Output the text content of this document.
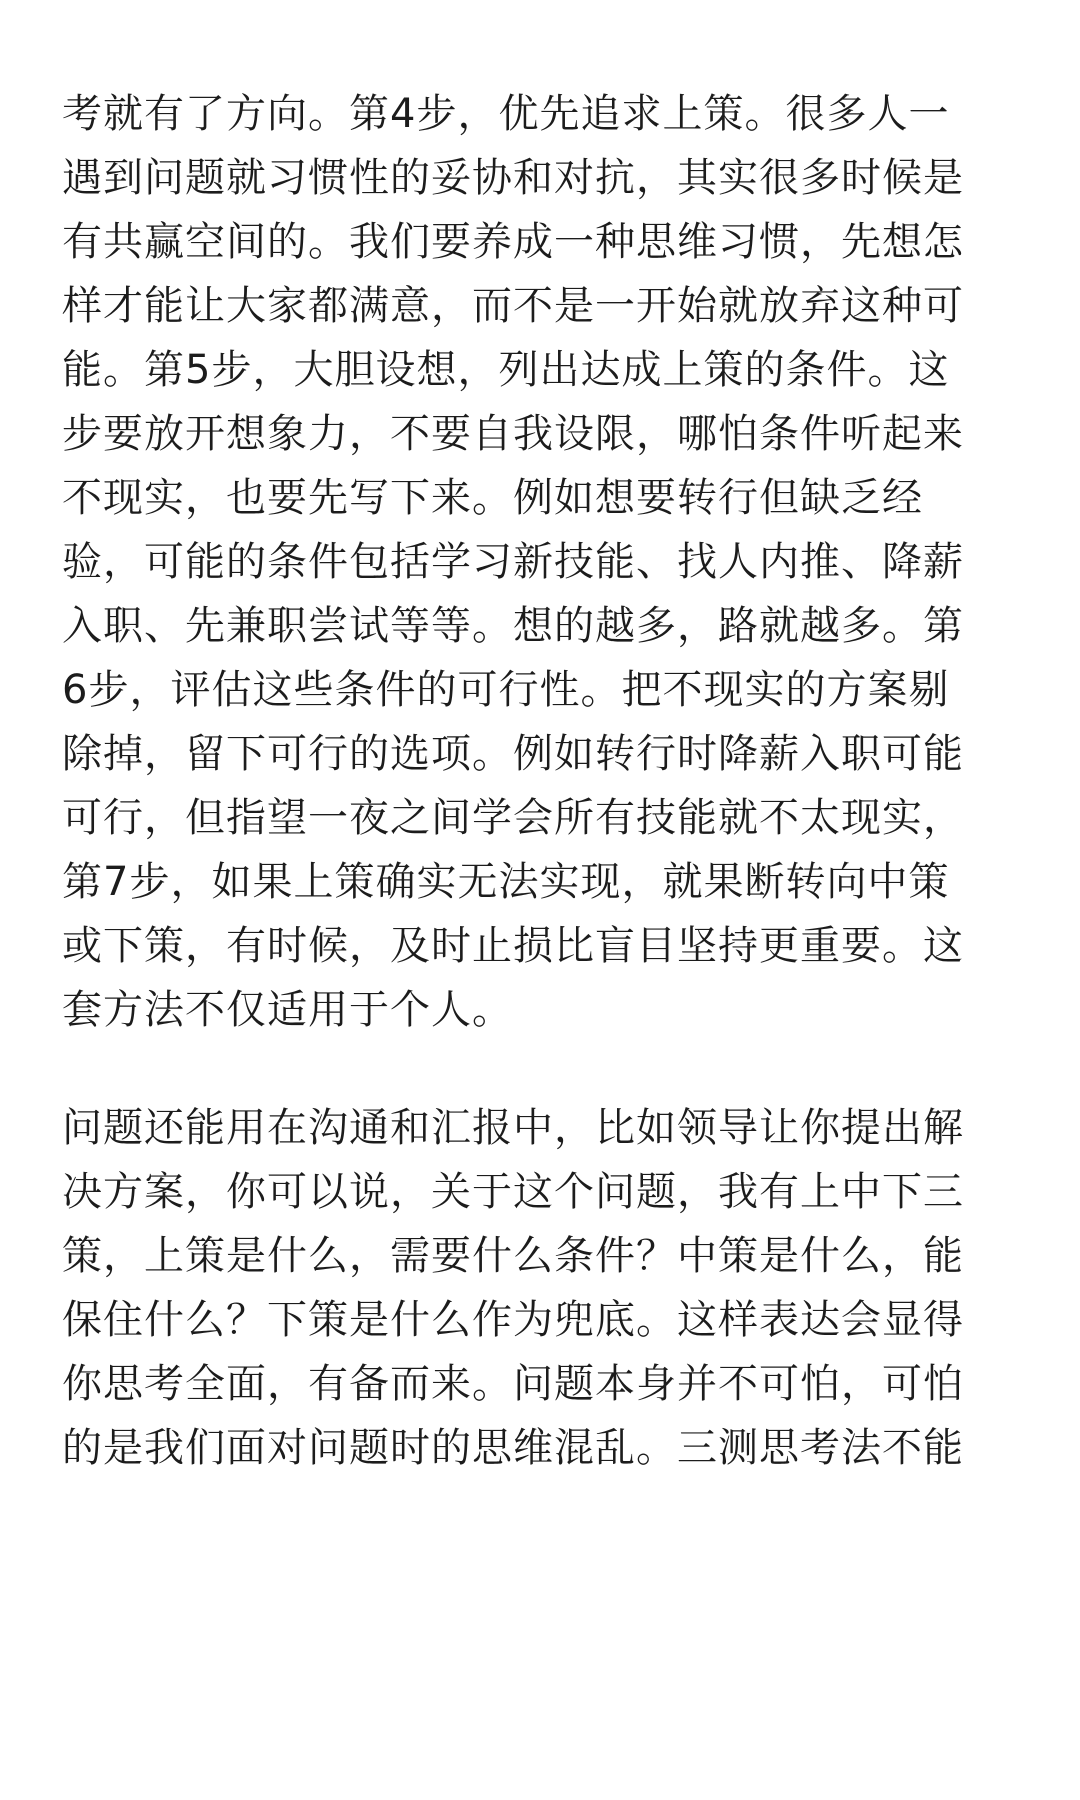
考就有了方向。第4步，优先追求上策。很多人一
遇到问题就习惯性的妥协和对抗，其实很多时候是
有共赢空间的。我们要养成一种思维习惯，先想怎
样才能让大家都满意，而不是一开始就放弃这种可
能。第5步，大胆设想，列出达成上策的条件。这
步要放开想象力，不要自我设限，哪怕条件听起来
不现实，也要先写下来。例如想要转行但缺乏经
验，可能的条件包括学习新技能、找人内推、降薪
入职、先兼职尝试等等。想的越多，路就越多。第
6步，评估这些条件的可行性。把不现实的方案剔
除掉，留下可行的选项。例如转行时降薪入职可能
可行，但指望一夜之间学会所有技能就不太现实，
第7步，如果上策确实无法实现，就果断转向中策
或下策，有时候，及时止损比盲目坚持更重要。这
套方法不仅适用于个人。
问题还能用在沟通和汇报中，比如领导让你提出解
决方案，你可以说，关于这个问题，我有上中下三
策，上策是什么，需要什么条件？中策是什么，能
保住什么？下策是什么作为兜底。这样表达会显得
你思考全面，有备而来。问题本身并不可怕，可怕
的是我们面对问题时的思维混乱。三测思考法不能
